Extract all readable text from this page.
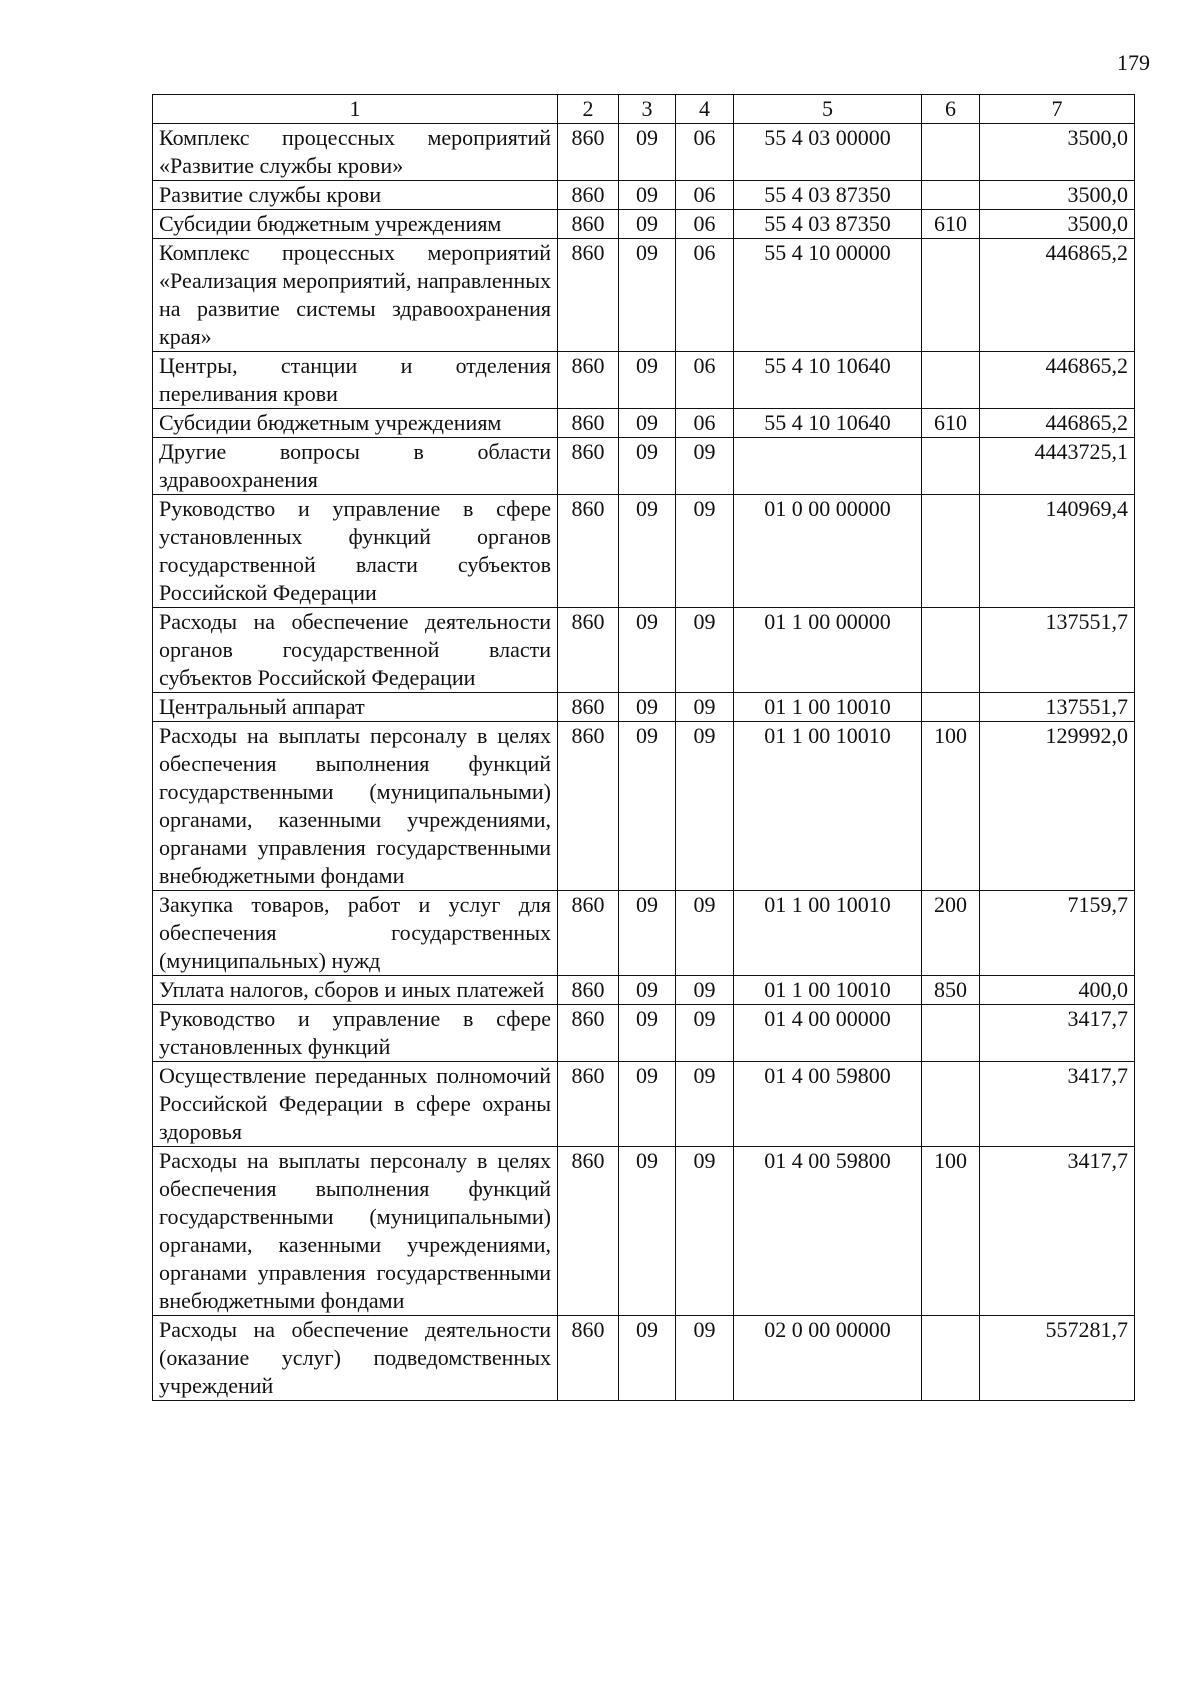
179
1	2	3	4	5	6	7
Комплекс процессных мероприятий «Развитие службы крови»	860	09	06	55 4 03 00000		3500,0
Развитие службы крови	860	09	06	55 4 03 87350		3500,0
Субсидии бюджетным учреждениям	860	09	06	55 4 03 87350	610	3500,0
Комплекс процессных мероприятий «Реализация мероприятий, направленных на развитие системы здравоохранения края»	860	09	06	55 4 10 00000		446865,2
Центры, станции и отделения переливания крови	860	09	06	55 4 10 10640		446865,2
Субсидии бюджетным учреждениям	860	09	06	55 4 10 10640	610	446865,2
Другие вопросы в области здравоохранения	860	09	09			4443725,1
Руководство и управление в сфере установленных функций органов государственной власти субъектов Российской Федерации	860	09	09	01 0 00 00000		140969,4
Расходы на обеспечение деятельности органов государственной власти субъектов Российской Федерации	860	09	09	01 1 00 00000		137551,7
Центральный аппарат	860	09	09	01 1 00 10010		137551,7
Расходы на выплаты персоналу в целях обеспечения выполнения функций государственными (муниципальными) органами, казенными учреждениями, органами управления государственными внебюджетными фондами	860	09	09	01 1 00 10010	100	129992,0
Закупка товаров, работ и услуг для обеспечения государственных (муниципальных) нужд	860	09	09	01 1 00 10010	200	7159,7
Уплата налогов, сборов и иных платежей	860	09	09	01 1 00 10010	850	400,0
Руководство и управление в сфере установленных функций	860	09	09	01 4 00 00000		3417,7
Осуществление переданных полномочий Российской Федерации в сфере охраны здоровья	860	09	09	01 4 00 59800		3417,7
Расходы на выплаты персоналу в целях обеспечения выполнения функций государственными (муниципальными) органами, казенными учреждениями, органами управления государственными внебюджетными фондами	860	09	09	01 4 00 59800	100	3417,7
Расходы на обеспечение деятельности (оказание услуг) подведомственных учреждений	860	09	09	02 0 00 00000		557281,7
